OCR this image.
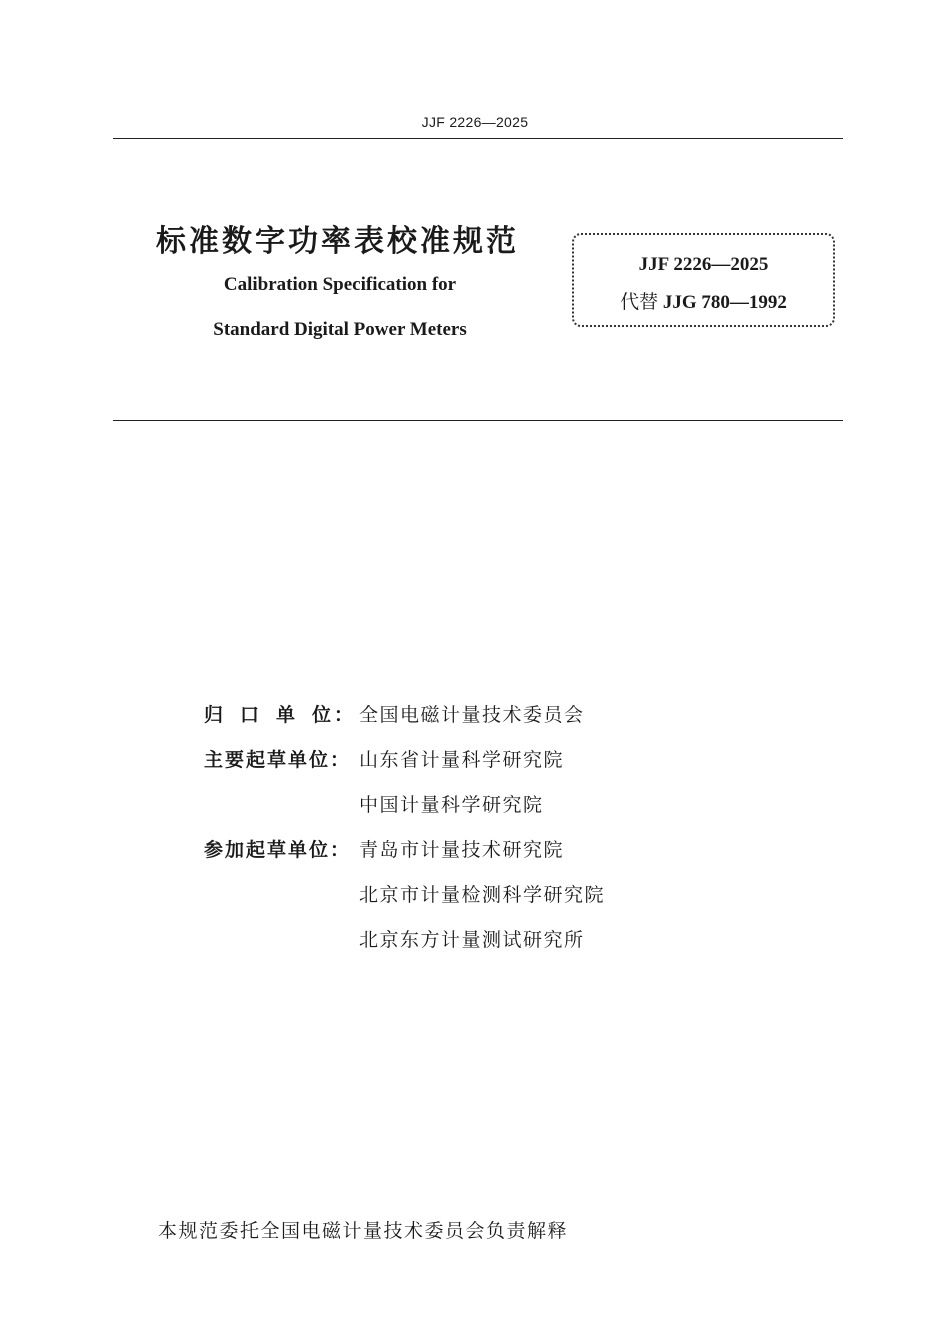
JJF 2226—2025
标准数字功率表校准规范
Calibration Specification for
Standard Digital Power Meters
JJF 2226—2025
代替 JJG 780—1992
归 口 单 位 ： 全国电磁计量技术委员会
主要起草单位： 山东省计量科学研究院
中国计量科学研究院
参加起草单位： 青岛市计量技术研究院
北京市计量检测科学研究院
北京东方计量测试研究所
本规范委托全国电磁计量技术委员会负责解释
